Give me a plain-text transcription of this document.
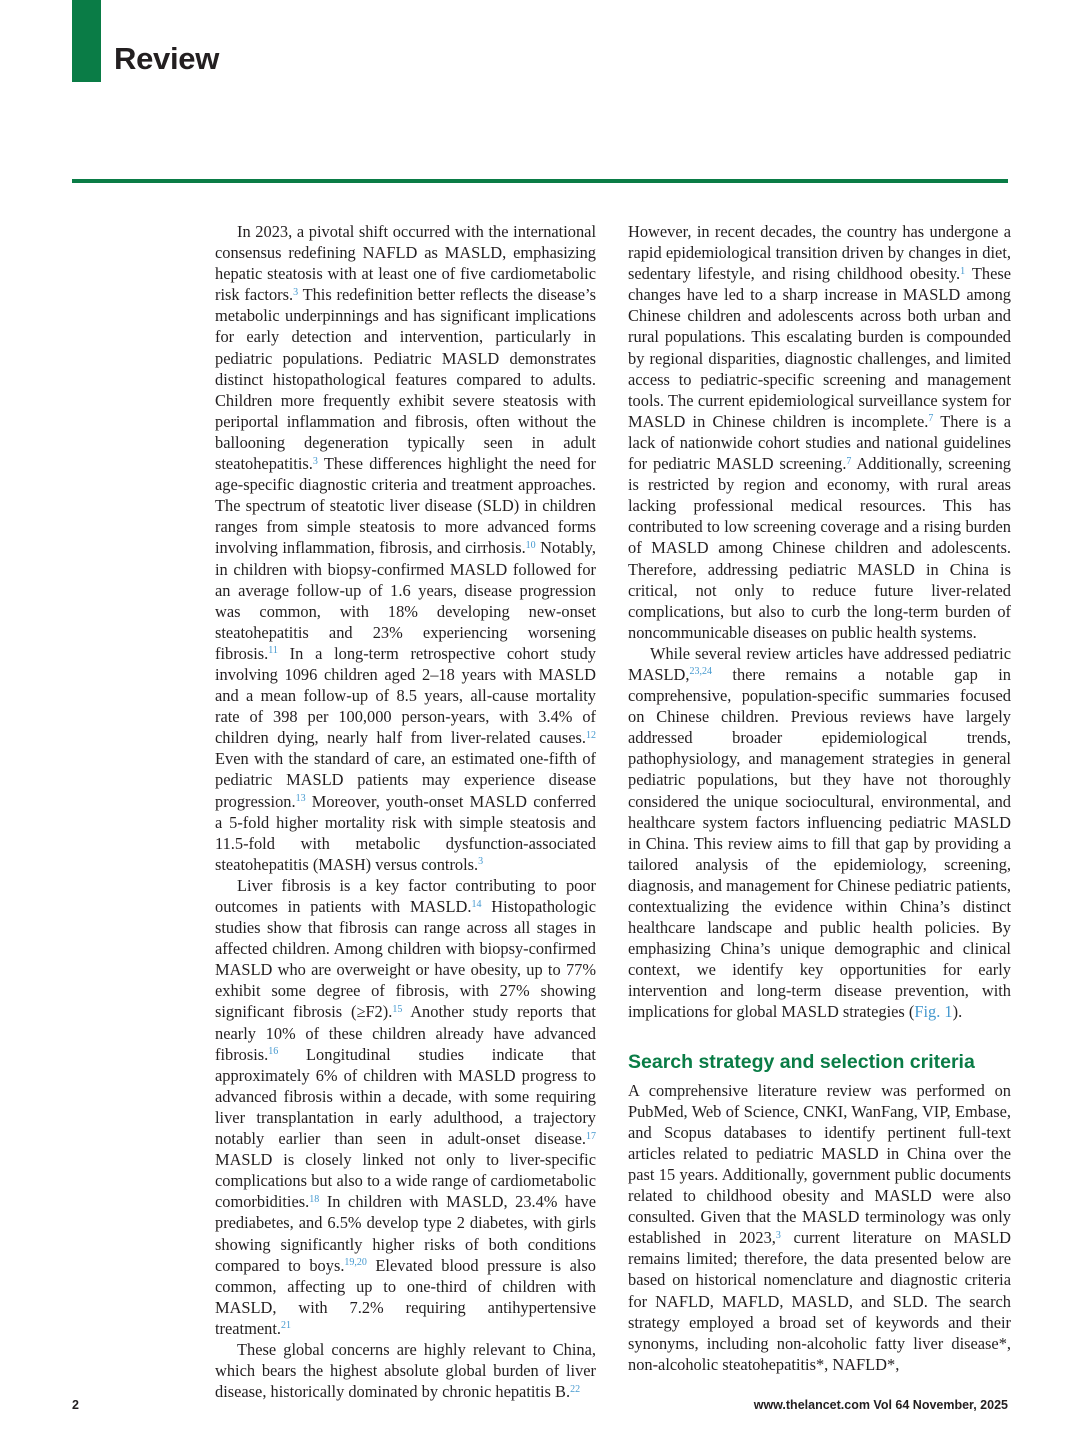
Review

In 2023, a pivotal shift occurred with the international consensus redefining NAFLD as MASLD, emphasizing hepatic steatosis with at least one of five cardiometabolic risk factors.$^3$ This redefinition better reflects the disease’s metabolic underpinnings and has significant implications for early detection and intervention, particularly in pediatric populations. Pediatric MASLD demonstrates distinct histopathological features compared to adults. Children more frequently exhibit severe steatosis with periportal inflammation and fibrosis, often without the ballooning degeneration typically seen in adult steatohepatitis.$^3$ These differences highlight the need for age-specific diagnostic criteria and treatment approaches. The spectrum of steatotic liver disease (SLD) in children ranges from simple steatosis to more advanced forms involving inflammation, fibrosis, and cirrhosis.$^{10}$ Notably, in children with biopsy-confirmed MASLD followed for an average follow-up of 1.6 years, disease progression was common, with 18% developing new-onset steatohepatitis and 23% experiencing worsening fibrosis.$^{11}$ In a long-term retrospective cohort study involving 1096 children aged 2–18 years with MASLD and a mean follow-up of 8.5 years, all-cause mortality rate of 398 per 100,000 person-years, with 3.4% of children dying, nearly half from liver-related causes.$^{12}$ Even with the standard of care, an estimated one-fifth of pediatric MASLD patients may experience disease progression.$^{13}$ Moreover, youth-onset MASLD conferred a 5-fold higher mortality risk with simple steatosis and 11.5-fold with metabolic dysfunction-associated steatohepatitis (MASH) versus controls.$^3$

Liver fibrosis is a key factor contributing to poor outcomes in patients with MASLD.$^{14}$ Histopathologic studies show that fibrosis can range across all stages in affected children. Among children with biopsy-confirmed MASLD who are overweight or have obesity, up to 77% exhibit some degree of fibrosis, with 27% showing significant fibrosis (≥F2).$^{15}$ Another study reports that nearly 10% of these children already have advanced fibrosis.$^{16}$ Longitudinal studies indicate that approximately 6% of children with MASLD progress to advanced fibrosis within a decade, with some requiring liver transplantation in early adulthood, a trajectory notably earlier than seen in adult-onset disease.$^{17}$ MASLD is closely linked not only to liver-specific complications but also to a wide range of cardiometabolic comorbidities.$^{18}$ In children with MASLD, 23.4% have prediabetes, and 6.5% develop type 2 diabetes, with girls showing significantly higher risks of both conditions compared to boys.$^{19,20}$ Elevated blood pressure is also common, affecting up to one-third of children with MASLD, with 7.2% requiring antihypertensive treatment.$^{21}$

These global concerns are highly relevant to China, which bears the highest absolute global burden of liver disease, historically dominated by chronic hepatitis B.$^{22}$

However, in recent decades, the country has undergone a rapid epidemiological transition driven by changes in diet, sedentary lifestyle, and rising childhood obesity.$^1$ These changes have led to a sharp increase in MASLD among Chinese children and adolescents across both urban and rural populations. This escalating burden is compounded by regional disparities, diagnostic challenges, and limited access to pediatric-specific screening and management tools. The current epidemiological surveillance system for MASLD in Chinese children is incomplete.$^7$ There is a lack of nationwide cohort studies and national guidelines for pediatric MASLD screening.$^7$ Additionally, screening is restricted by region and economy, with rural areas lacking professional medical resources. This has contributed to low screening coverage and a rising burden of MASLD among Chinese children and adolescents. Therefore, addressing pediatric MASLD in China is critical, not only to reduce future liver-related complications, but also to curb the long-term burden of noncommunicable diseases on public health systems.

While several review articles have addressed pediatric MASLD,$^{23,24}$ there remains a notable gap in comprehensive, population-specific summaries focused on Chinese children. Previous reviews have largely addressed broader epidemiological trends, pathophysiology, and management strategies in general pediatric populations, but they have not thoroughly considered the unique sociocultural, environmental, and healthcare system factors influencing pediatric MASLD in China. This review aims to fill that gap by providing a tailored analysis of the epidemiology, screening, diagnosis, and management for Chinese pediatric patients, contextualizing the evidence within China’s distinct healthcare landscape and public health policies. By emphasizing China’s unique demographic and clinical context, we identify key opportunities for early intervention and long-term disease prevention, with implications for global MASLD strategies (Fig. 1).

Search strategy and selection criteria

A comprehensive literature review was performed on PubMed, Web of Science, CNKI, WanFang, VIP, Embase, and Scopus databases to identify pertinent full-text articles related to pediatric MASLD in China over the past 15 years. Additionally, government public documents related to childhood obesity and MASLD were also consulted. Given that the MASLD terminology was only established in 2023,$^3$ current literature on MASLD remains limited; therefore, the data presented below are based on historical nomenclature and diagnostic criteria for NAFLD, MAFLD, MASLD, and SLD. The search strategy employed a broad set of keywords and their synonyms, including non-alcoholic fatty liver disease*, non-alcoholic steatohepatitis*, NAFLD*,

2	www.thelancet.com Vol 64 November, 2025
